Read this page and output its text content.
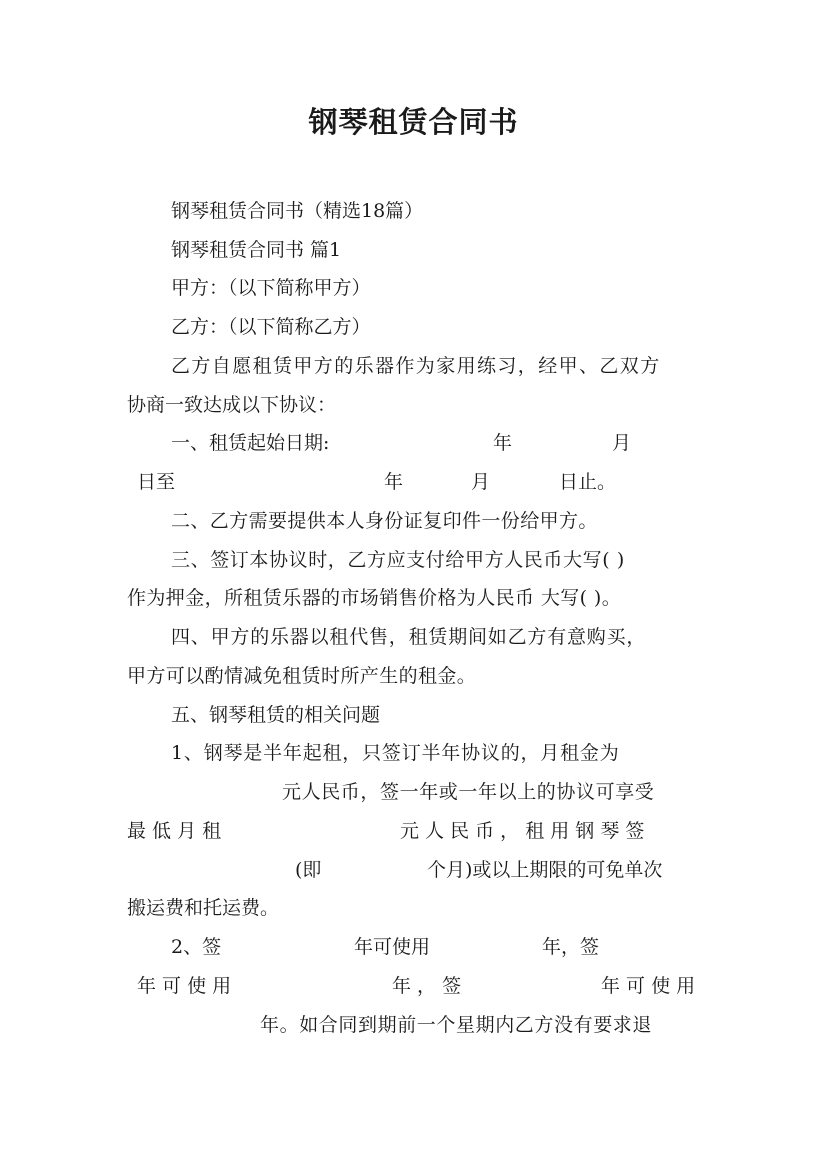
钢琴租赁合同书
钢琴租赁合同书（精选18篇）
钢琴租赁合同书 篇1
甲方：（以下简称甲方）
乙方：（以下简称乙方）
乙方自愿租赁甲方的乐器作为家用练习，经甲、乙双方
协商一致达成以下协议：
一、租赁起始日期:	年	月
日至	年	月	日止。
二、乙方需要提供本人身份证复印件一份给甲方。
三、签订本协议时，乙方应支付给甲方人民币大写( )
作为押金，所租赁乐器的市场销售价格为人民币 大写( )。
四、甲方的乐器以租代售，租赁期间如乙方有意购买，
甲方可以酌情减免租赁时所产生的租金。
五、钢琴租赁的相关问题
1、钢琴是半年起租，只签订半年协议的，月租金为
元人民币，签一年或一年以上的协议可享受
最 低 月 租	元 人 民 币 ， 租 用 钢 琴 签
(即	个月)或以上期限的可免单次
搬运费和托运费。
2、签	年可使用	年，签
年 可 使 用	年 ， 签	年 可 使 用
年。如合同到期前一个星期内乙方没有要求退
